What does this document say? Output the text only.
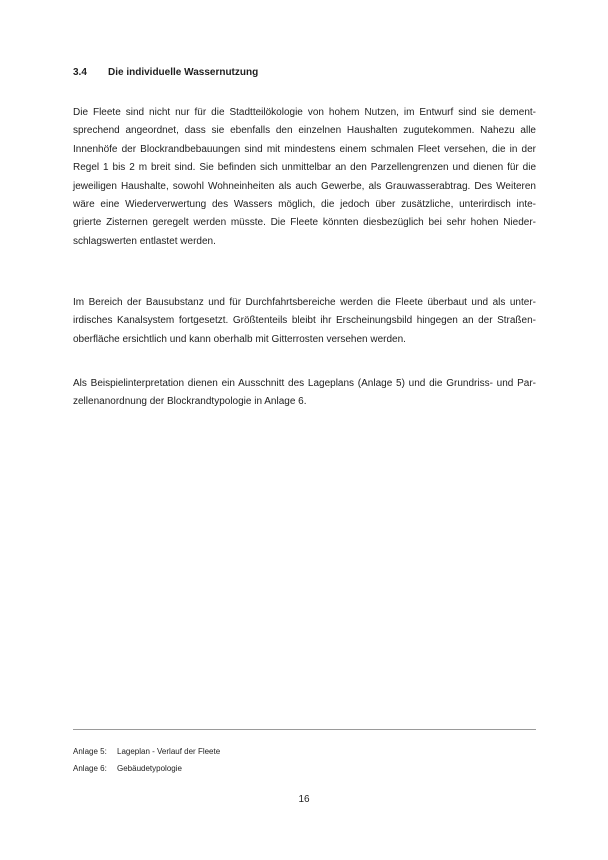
3.4 Die individuelle Wassernutzung
Die Fleete sind nicht nur für die Stadtteilökologie von hohem Nutzen, im Entwurf sind sie dement-
sprechend angeordnet, dass sie ebenfalls den einzelnen Haushalten zugutekommen. Nahezu alle
Innenhöfe der Blockrandbebauungen sind mit mindestens einem schmalen Fleet versehen, die in der
Regel 1 bis 2 m breit sind. Sie befinden sich unmittelbar an den Parzellengrenzen und dienen für die
jeweiligen Haushalte, sowohl Wohneinheiten als auch Gewerbe, als Grauwasserabtrag. Des Weiteren
wäre eine Wiederverwertung des Wassers möglich, die jedoch über zusätzliche, unterirdisch inte-
grierte Zisternen geregelt werden müsste. Die Fleete könnten diesbezüglich bei sehr hohen Nieder-
schlagswerten entlastet werden.
Im Bereich der Bausubstanz und für Durchfahrtsbereiche werden die Fleete überbaut und als unter-
irdisches Kanalsystem fortgesetzt. Größtenteils bleibt ihr Erscheinungsbild hingegen an der Straßen-
oberfläche ersichtlich und kann oberhalb mit Gitterrosten versehen werden.
Als Beispielinterpretation dienen ein Ausschnitt des Lageplans (Anlage 5) und die Grundriss- und Par-
zellenanordnung der Blockrandtypologie in Anlage 6.
Anlage 5: Lageplan - Verlauf der Fleete
Anlage 6: Gebäudetypologie
16
